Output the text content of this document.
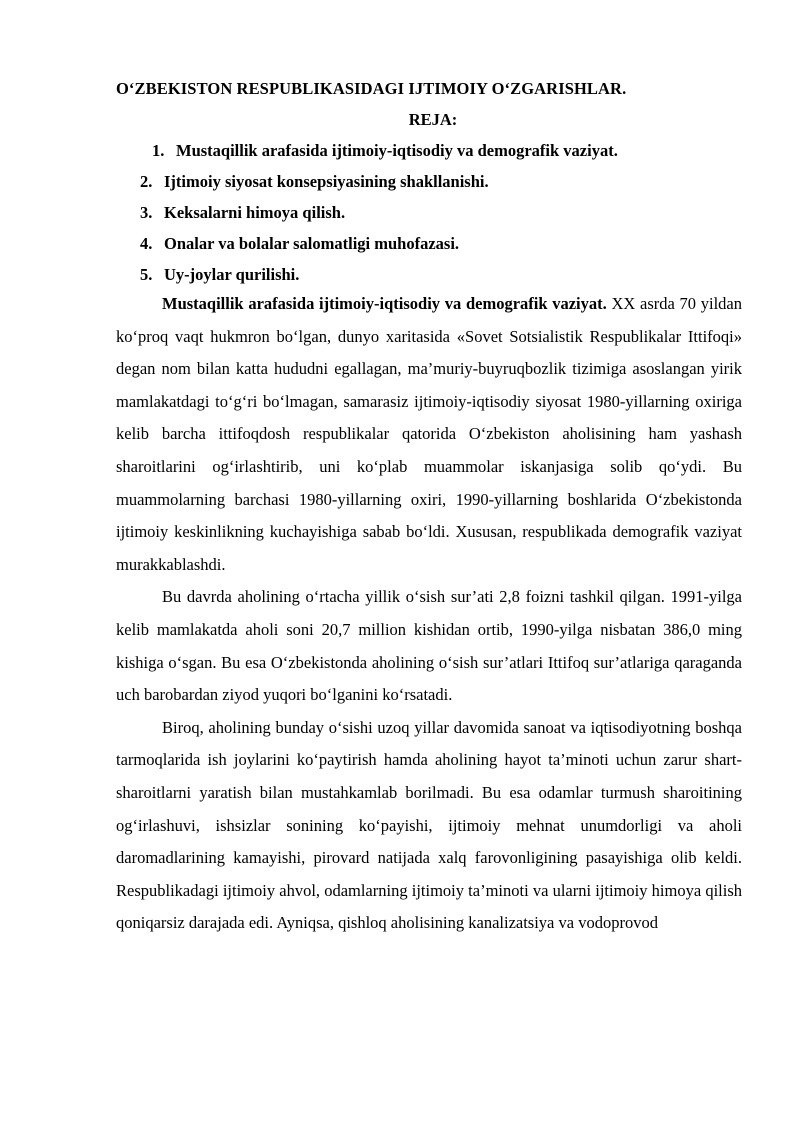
O‘ZBEKISTON RESPUBLIKASIDAGI IJTIMOIY O‘ZGARISHLAR.
REJA:
1. Mustaqillik arafasida ijtimoiy-iqtisodiy va demografik vaziyat.
2. Ijtimoiy siyosat konsepsiyasining shakllanishi.
3. Keksalarni himoya qilish.
4. Onalar va bolalar salomatligi muhofazasi.
5. Uy-joylar qurilishi.

Mustaqillik arafasida ijtimoiy-iqtisodiy va demografik vaziyat. XX asrda 70 yildan ko‘proq vaqt hukmron bo‘lgan, dunyo xaritasida «Sovet Sotsialistik Respublikalar Ittifoqi» degan nom bilan katta hududni egallagan, ma’muriy-buyruqbozlik tizimiga asoslangan yirik mamlakatdagi to‘g‘ri bo‘lmagan, samarasiz ijtimoiy-iqtisodiy siyosat 1980-yillarning oxiriga kelib barcha ittifoqdosh respublikalar qatorida O‘zbekiston aholisining ham yashash sharoitlarini og‘irlashtirib, uni ko‘plab muammolar iskanjasiga solib qo‘ydi. Bu muammolarning barchasi 1980-yillarning oxiri, 1990-yillarning boshlarida O‘zbekistonda ijtimoiy keskinlikning kuchayishiga sabab bo‘ldi. Xususan, respublikada demografik vaziyat murakkablashdi.

Bu davrda aholining o‘rtacha yillik o‘sish sur’ati 2,8 foizni tashkil qilgan. 1991-yilga kelib mamlakatda aholi soni 20,7 million kishidan ortib, 1990-yilga nisbatan 386,0 ming kishiga o‘sgan. Bu esa O‘zbekistonda aholining o‘sish sur’atlari Ittifoq sur’atlariga qaraganda uch barobardan ziyod yuqori bo‘lganini ko‘rsatadi.

Biroq, aholining bunday o‘sishi uzoq yillar davomida sanoat va iqtisodiyotning boshqa tarmoqlarida ish joylarini ko‘paytirish hamda aholining hayot ta’minoti uchun zarur shart-sharoitlarni yaratish bilan mustahkamlab borilmadi. Bu esa odamlar turmush sharoitining og‘irlashuvi, ishsizlar sonining ko‘payishi, ijtimoiy mehnat unumdorligi va aholi daromadlarining kamayishi, pirovard natijada xalq farovonligining pasayishiga olib keldi. Respublikadagi ijtimoiy ahvol, odamlarning ijtimoiy ta’minoti va ularni ijtimoiy himoya qilish qoniqarsiz darajada edi. Ayniqsa, qishloq aholisining kanalizatsiya va vodoprovod
